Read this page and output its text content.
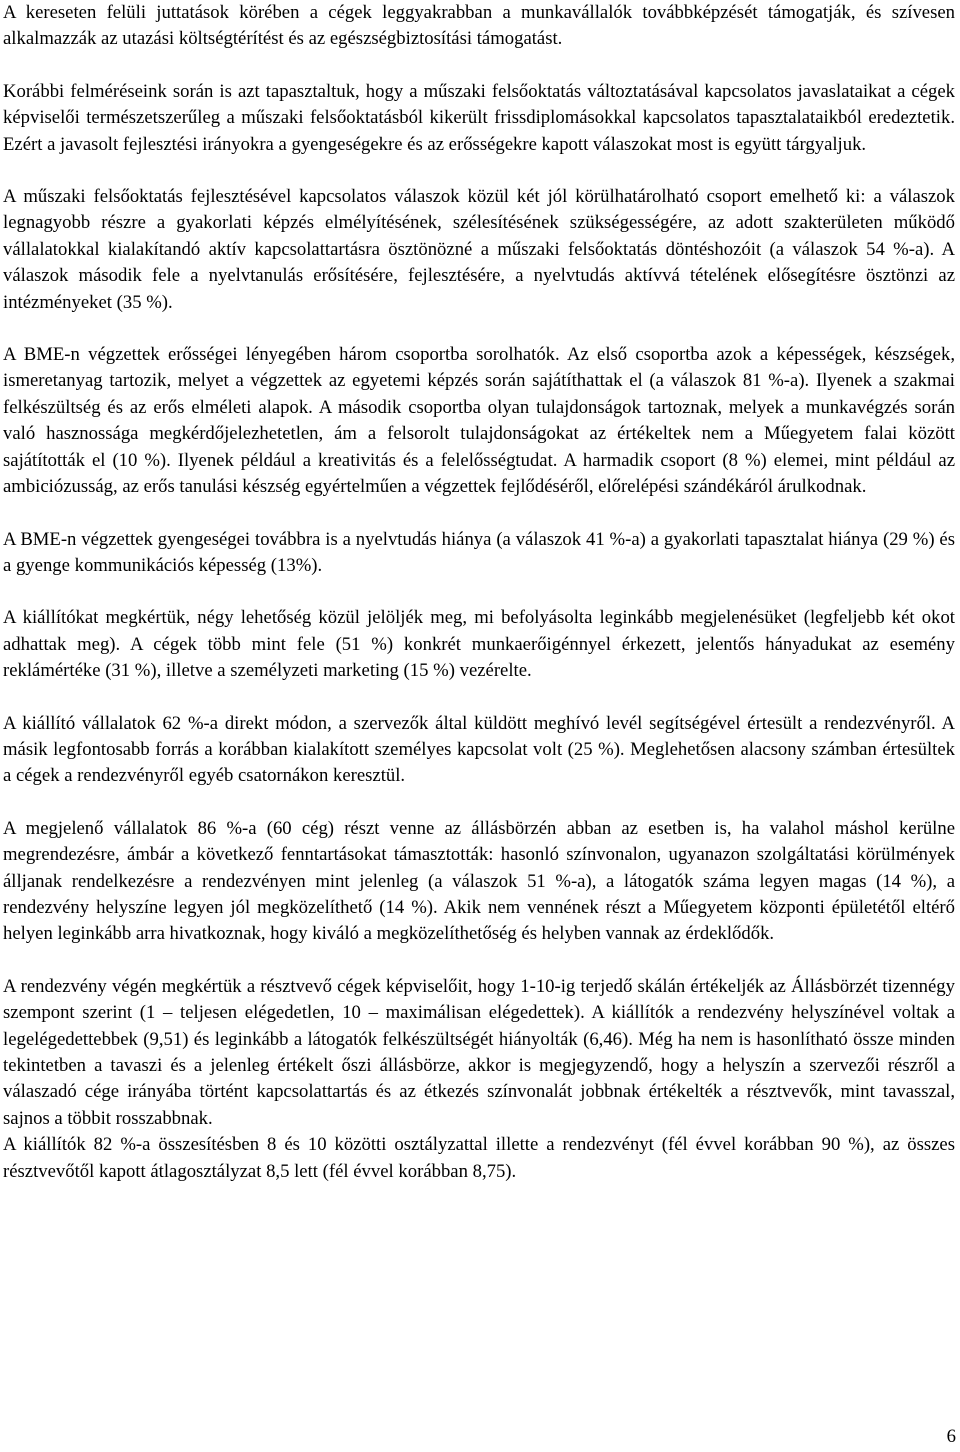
A kereseten felüli juttatások körében a cégek leggyakrabban a munkavállalók továbbképzését támogatják, és szívesen alkalmazzák az utazási költségtérítést és az egészségbiztosítási támogatást.

Korábbi felméréseink során is azt tapasztaltuk, hogy a műszaki felsőoktatás változtatásával kapcsolatos javaslataikat a cégek képviselői természetszerűleg a műszaki felsőoktatásból kikerült frissdiplomásokkal kapcsolatos tapasztalataikból eredeztetik. Ezért a javasolt fejlesztési irányokra a gyengeségekre és az erősségekre kapott válaszokat most is együtt tárgyaljuk.

A műszaki felsőoktatás fejlesztésével kapcsolatos válaszok közül két jól körülhatárolható csoport emelhető ki: a válaszok legnagyobb részre a gyakorlati képzés elmélyítésének, szélesítésének szükségességére, az adott szakterületen működő vállalatokkal kialakítandó aktív kapcsolattartásra ösztönözné a műszaki felsőoktatás döntéshozóit (a válaszok 54 %-a). A válaszok második fele a nyelvtanulás erősítésére, fejlesztésére, a nyelvtudás aktívvá tételének elősegítésre ösztönzi az intézményeket (35 %).

A BME-n végzettek erősségei lényegében három csoportba sorolhatók. Az első csoportba azok a képességek, készségek, ismeretanyag tartozik, melyet a végzettek az egyetemi képzés során sajátíthattak el (a válaszok 81 %-a). Ilyenek a szakmai felkészültség és az erős elméleti alapok. A második csoportba olyan tulajdonságok tartoznak, melyek a munkavégzés során való hasznossága megkérdőjelezhetetlen, ám a felsorolt tulajdonságokat az értékeltek nem a Műegyetem falai között sajátították el (10 %). Ilyenek például a kreativitás és a felelősségtudat. A harmadik csoport (8 %) elemei, mint például az ambiciózusság, az erős tanulási készség egyértelműen a végzettek fejlődéséről, előrelépési szándékáról árulkodnak.

A BME-n végzettek gyengeségei továbbra is a nyelvtudás hiánya (a válaszok 41 %-a) a gyakorlati tapasztalat hiánya (29 %) és a gyenge kommunikációs képesség (13%).

A kiállítókat megkértük, négy lehetőség közül jelöljék meg, mi befolyásolta leginkább megjelenésüket (legfeljebb két okot adhattak meg). A cégek több mint fele (51 %) konkrét munkaerőigénnyel érkezett, jelentős hányadukat az esemény reklámértéke (31 %), illetve a személyzeti marketing (15 %) vezérelte.

A kiállító vállalatok 62 %-a direkt módon, a szervezők által küldött meghívó levél segítségével értesült a rendezvényről. A másik legfontosabb forrás a korábban kialakított személyes kapcsolat volt (25 %). Meglehetősen alacsony számban értesültek a cégek a rendezvényről egyéb csatornákon keresztül.

A megjelenő vállalatok 86 %-a (60 cég) részt venne az állásbörzén abban az esetben is, ha valahol máshol kerülne megrendezésre, ámbár a következő fenntartásokat támasztották: hasonló színvonalon, ugyanazon szolgáltatási körülmények álljanak rendelkezésre a rendezvényen mint jelenleg (a válaszok 51 %-a), a látogatók száma legyen magas (14 %), a rendezvény helyszíne legyen jól megközelíthető (14 %). Akik nem vennének részt a Műegyetem központi épületétől eltérő helyen leginkább arra hivatkoznak, hogy kiváló a megközelíthetőség és helyben vannak az érdeklődők.

A rendezvény végén megkértük a résztvevő cégek képviselőit, hogy 1-10-ig terjedő skálán értékeljék az Állásbörzét tizennégy szempont szerint (1 – teljesen elégedetlen, 10 – maximálisan elégedettek). A kiállítók a rendezvény helyszínével voltak a legelégedettebbek (9,51) és leginkább a látogatók felkészültségét hiányolták (6,46). Még ha nem is hasonlítható össze minden tekintetben a tavaszi és a jelenleg értékelt őszi állásbörze, akkor is megjegyzendő, hogy a helyszín a szervezői részről a válaszadó cége irányába történt kapcsolattartás és az étkezés színvonalát jobbnak értékelték a résztvevők, mint tavasszal, sajnos a többit rosszabbnak.

A kiállítók 82 %-a összesítésben 8 és 10 közötti osztályzattal illette a rendezvényt (fél évvel korábban 90 %), az összes résztvevőtől kapott átlagosztályzat 8,5 lett (fél évvel korábban 8,75).

6
